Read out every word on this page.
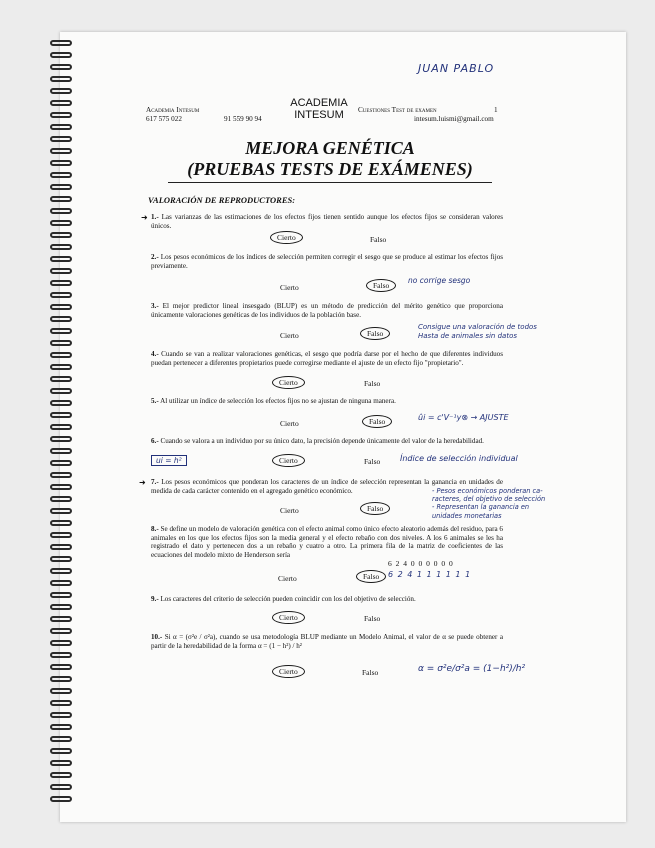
JUAN PABLO
Academia Intesum
617 575 022	91 559 90 94
ACADEMIA
INTESUM	Cuestiones Test de examen	1
intesum.luismi@gmail.com
MEJORA GENÉTICA
(PRUEBAS TESTS DE EXÁMENES)
VALORACIÓN DE REPRODUCTORES:
➜ 1.- Las varianzas de las estimaciones de los efectos fijos tienen sentido aunque los efectos fijos se consideran valores únicos.
Cierto	Falso
2.- Los pesos económicos de los índices de selección permiten corregir el sesgo que se produce al estimar los efectos fijos previamente.
Cierto	Falso
no corrige sesgo
3.- El mejor predictor lineal insesgado (BLUP) es un método de predicción del mérito genético que proporciona únicamente valoraciones genéticas de los individuos de la población base.
Cierto	Falso
Consigue una valoración de todos
Hasta de animales sin datos
4.- Cuando se van a realizar valoraciones genéticas, el sesgo que podría darse por el hecho de que diferentes individuos puedan pertenecer a diferentes propietarios puede corregirse mediante el ajuste de un efecto fijo "propietario".
Cierto	Falso
5.- Al utilizar un índice de selección los efectos fijos no se ajustan de ninguna manera.
Cierto	Falso	ûi = c'V⁻¹y⊗ → AJUSTE
6.- Cuando se valora a un individuo por su único dato, la precisión depende únicamente del valor de la heredabilidad.
ui = h²	Cierto	Falso Índice de selección individual
➜ 7.- Los pesos económicos que ponderan los caracteres de un índice de selección representan la ganancia en unidades de medida de cada carácter contenido en el agregado genético económico.
Cierto	Falso
- Pesos económicos ponderan ca-
racteres, del objetivo de selección
- Representan la ganancia en
unidades monetarias
8.- Se define un modelo de valoración genética con el efecto animal como único efecto aleatorio además del residuo, para 6 animales en los que los efectos fijos son la media general y el efecto rebaño con dos niveles. A los 6 animales se les ha registrado el dato y pertenecen dos a un rebaño y cuatro a otro. La primera fila de la matriz de coeficientes de las ecuaciones del modelo mixto de Henderson sería
6 2 4 0 0 0 0 0 0
6 2 4 1 1 1 1 1 1
Cierto	Falso
9.- Los caracteres del criterio de selección pueden coincidir con los del objetivo de selección.
Cierto	Falso
10.- Si α = (σ²e / σ²a), cuando se usa metodología BLUP mediante un Modelo Animal, el valor de α se puede obtener a partir de la heredabilidad de la forma α = (1 − h²) / h²
Cierto	Falso	α = σ²e/σ²a = (1−h²)/h²
